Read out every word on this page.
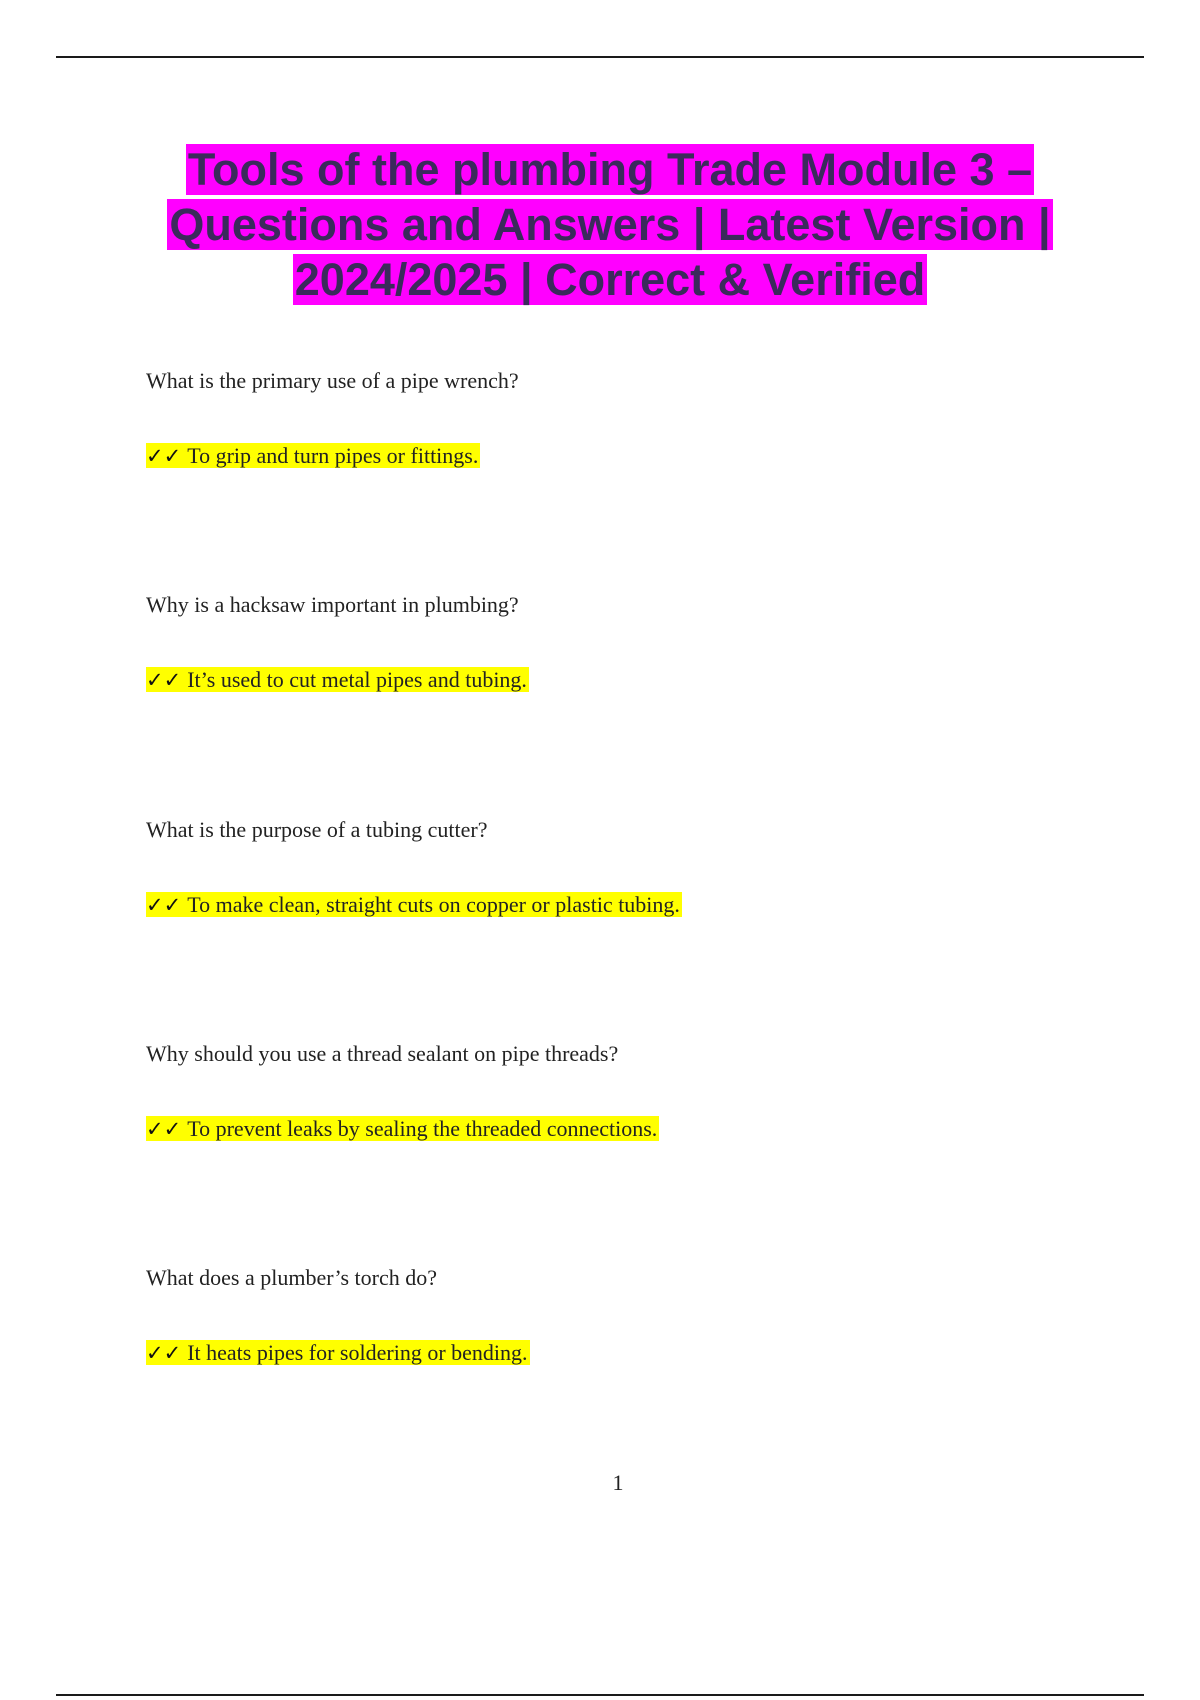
Tools of the plumbing Trade Module 3 – Questions and Answers | Latest Version | 2024/2025 | Correct & Verified

What is the primary use of a pipe wrench?

✓✓ To grip and turn pipes or fittings.

Why is a hacksaw important in plumbing?

✓✓ It’s used to cut metal pipes and tubing.

What is the purpose of a tubing cutter?

✓✓ To make clean, straight cuts on copper or plastic tubing.

Why should you use a thread sealant on pipe threads?

✓✓ To prevent leaks by sealing the threaded connections.

What does a plumber’s torch do?

✓✓ It heats pipes for soldering or bending.
1
